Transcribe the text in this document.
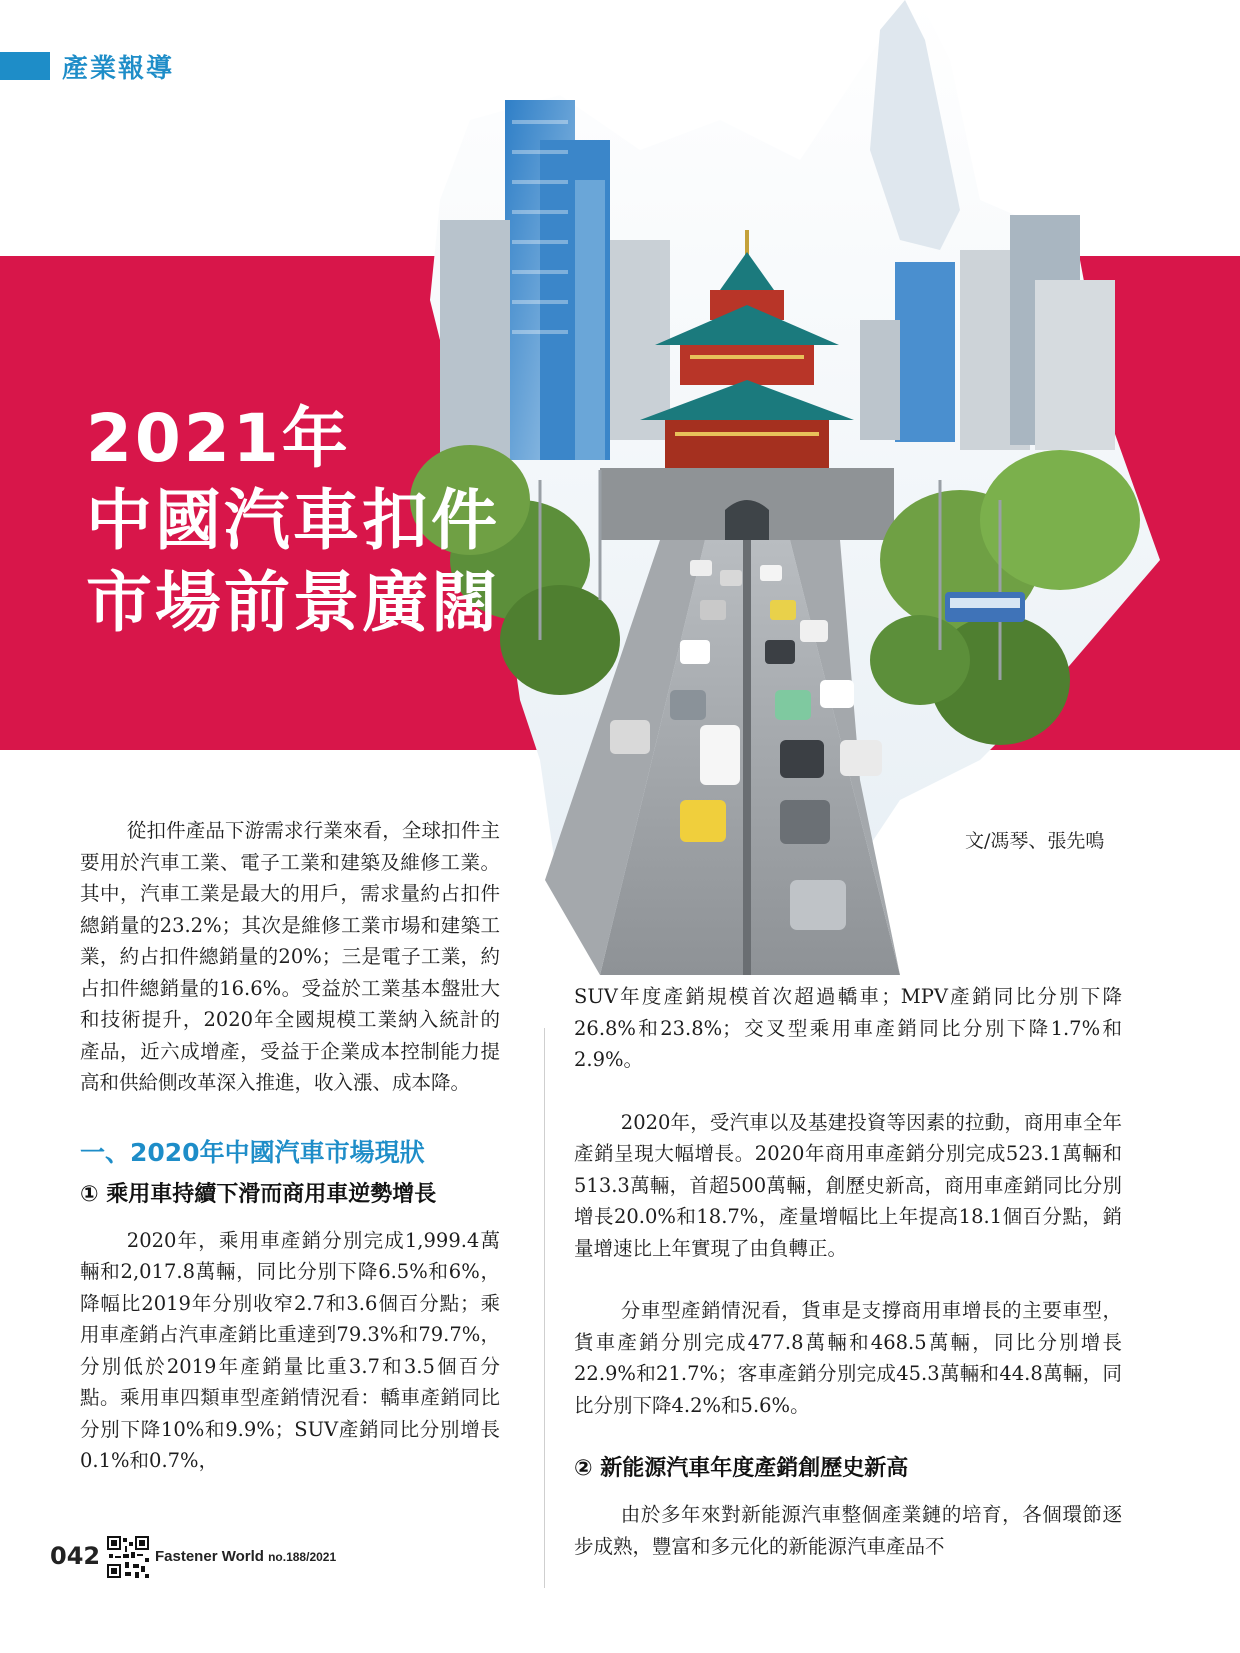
產業報導
2021年
中國汽車扣件
市場前景廣闊
文/馮琴、張先鳴

從扣件產品下游需求行業來看，全球扣件主要用於汽車工業、電子工業和建築及維修工業。其中，汽車工業是最大的用戶，需求量約占扣件總銷量的23.2%；其次是維修工業市場和建築工業，約占扣件總銷量的20%；三是電子工業，約占扣件總銷量的16.6%。受益於工業基本盤壯大和技術提升，2020年全國規模工業納入統計的產品，近六成增產，受益于企業成本控制能力提高和供給側改革深入推進，收入漲、成本降。

一、2020年中國汽車市場現狀
① 乘用車持續下滑而商用車逆勢增長

2020年，乘用車產銷分別完成1,999.4萬輛和2,017.8萬輛，同比分別下降6.5%和6%，降幅比2019年分別收窄2.7和3.6個百分點；乘用車產銷占汽車產銷比重達到79.3%和79.7%，分別低於2019年產銷量比重3.7和3.5個百分點。乘用車四類車型產銷情況看：轎車產銷同比分別下降10%和9.9%；SUV產銷同比分別增長0.1%和0.7%，

SUV年度產銷規模首次超過轎車；MPV產銷同比分別下降26.8%和23.8%；交叉型乘用車產銷同比分別下降1.7%和2.9%。

2020年，受汽車以及基建投資等因素的拉動，商用車全年產銷呈現大幅增長。2020年商用車產銷分別完成523.1萬輛和513.3萬輛，首超500萬輛，創歷史新高，商用車產銷同比分別增長20.0%和18.7%，產量增幅比上年提高18.1個百分點，銷量增速比上年實現了由負轉正。

分車型產銷情況看，貨車是支撐商用車增長的主要車型，貨車產銷分別完成477.8萬輛和468.5萬輛，同比分別增長22.9%和21.7%；客車產銷分別完成45.3萬輛和44.8萬輛，同比分別下降4.2%和5.6%。

② 新能源汽車年度產銷創歷史新高

由於多年來對新能源汽車整個產業鏈的培育，各個環節逐步成熟，豐富和多元化的新能源汽車產品不

042	Fastener World no.188/2021
